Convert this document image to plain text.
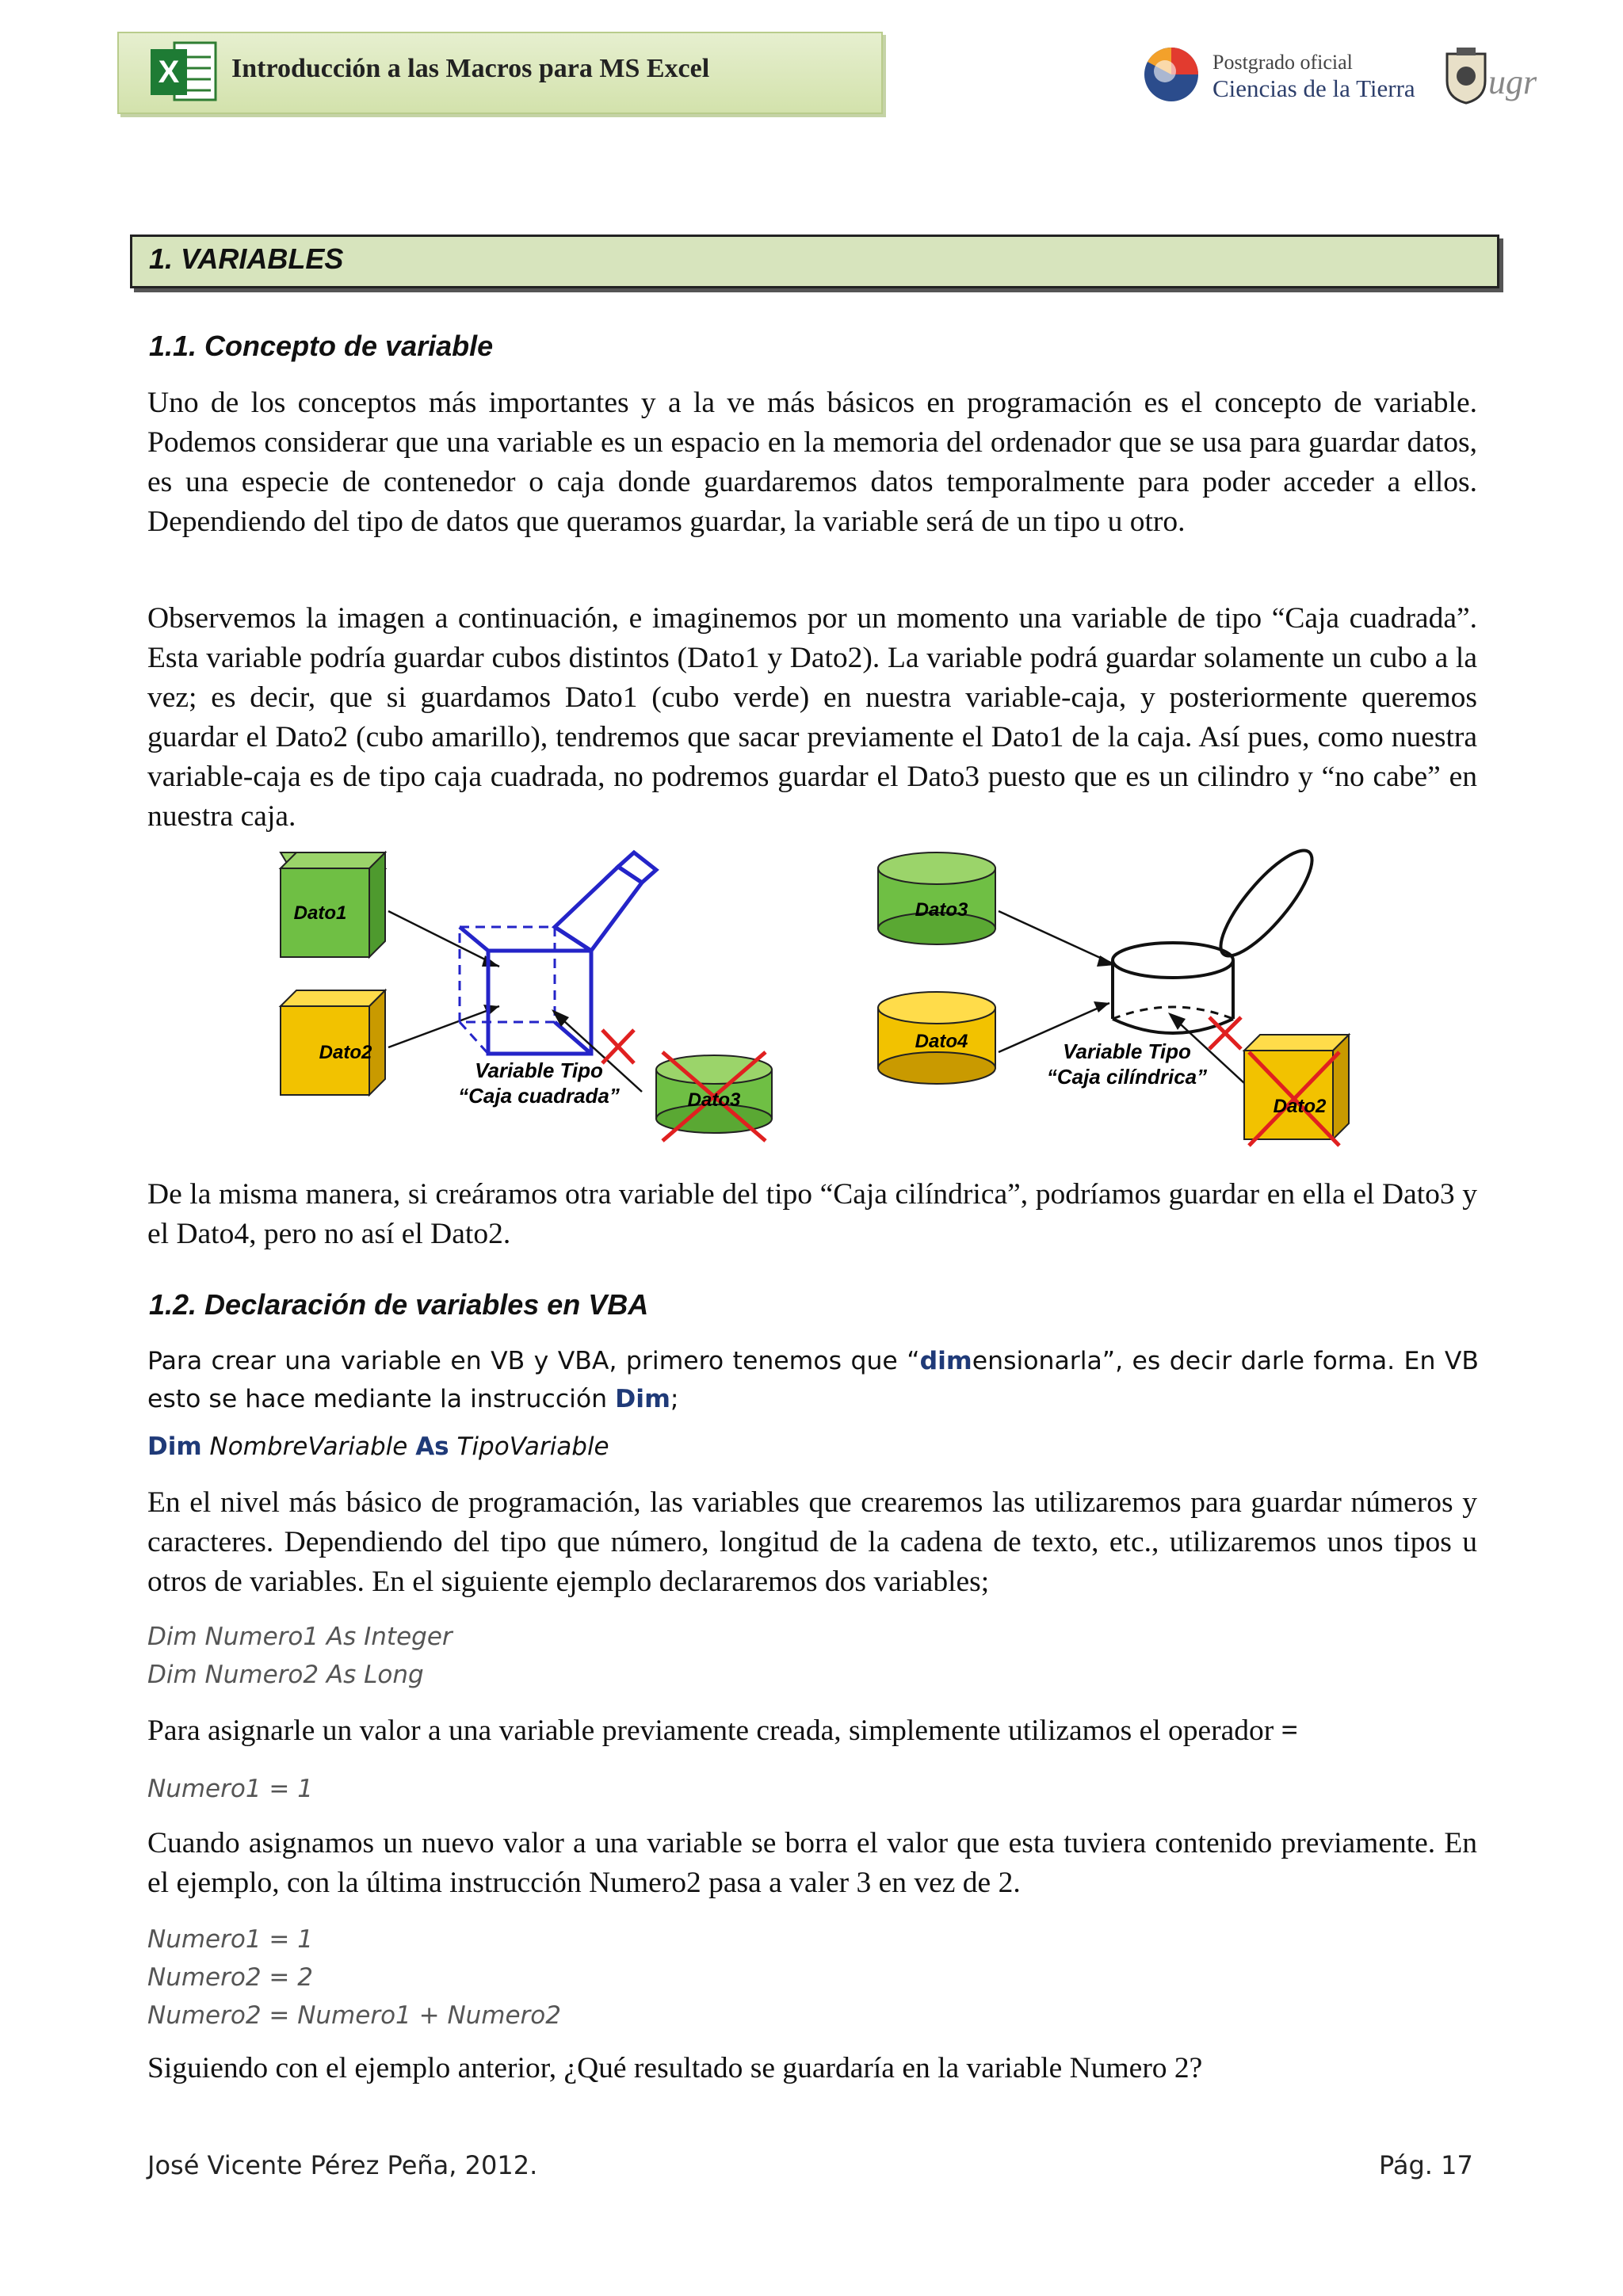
X Introducción a las Macros para MS Excel	Postgrado oficial
Ciencias de la Tierra ugr
1. VARIABLES
1.1. Concepto de variable
Uno de los conceptos más importantes y a la ve más básicos en programación es el concepto de variable. Podemos considerar que una variable es un espacio en la memoria del ordenador que se usa para guardar datos, es una especie de contenedor o caja donde guardaremos datos temporalmente para poder acceder a ellos. Dependiendo del tipo de datos que queramos guardar, la variable será de un tipo u otro.
Observemos la imagen a continuación, e imaginemos por un momento una variable de tipo “Caja cuadrada”. Esta variable podría guardar cubos distintos (Dato1 y Dato2). La variable podrá guardar solamente un cubo a la vez; es decir, que si guardamos Dato1 (cubo verde) en nuestra variable-caja, y posteriormente queremos guardar el Dato2 (cubo amarillo), tendremos que sacar previamente el Dato1 de la caja. Así pues, como nuestra variable-caja es de tipo caja cuadrada, no podremos guardar el Dato3 puesto que es un cilindro y “no cabe” en nuestra caja.
Dato1
Dato2
Variable Tipo
“Caja cuadrada”	Dato3
Dato3
Dato4	Variable Tipo
“Caja cilíndrica”
Dato2
De la misma manera, si creáramos otra variable del tipo “Caja cilíndrica”, podríamos guardar en ella el Dato3 y el Dato4, pero no así el Dato2.
1.2. Declaración de variables en VBA
Para crear una variable en VB y VBA, primero tenemos que “dimensionarla”, es decir darle forma. En VB esto se hace mediante la instrucción Dim;
Dim NombreVariable As TipoVariable
En el nivel más básico de programación, las variables que crearemos las utilizaremos para guardar números y caracteres. Dependiendo del tipo que número, longitud de la cadena de texto, etc., utilizaremos unos tipos u otros de variables. En el siguiente ejemplo declararemos dos variables;
Dim Numero1 As Integer
Dim Numero2 As Long
Para asignarle un valor a una variable previamente creada, simplemente utilizamos el operador =
Numero1 = 1
Cuando asignamos un nuevo valor a una variable se borra el valor que esta tuviera contenido previamente. En el ejemplo, con la última instrucción Numero2 pasa a valer 3 en vez de 2.
Numero1 = 1
Numero2 = 2
Numero2 = Numero1 + Numero2
Siguiendo con el ejemplo anterior, ¿Qué resultado se guardaría en la variable Numero 2?
José Vicente Pérez Peña, 2012.	Pág. 17
